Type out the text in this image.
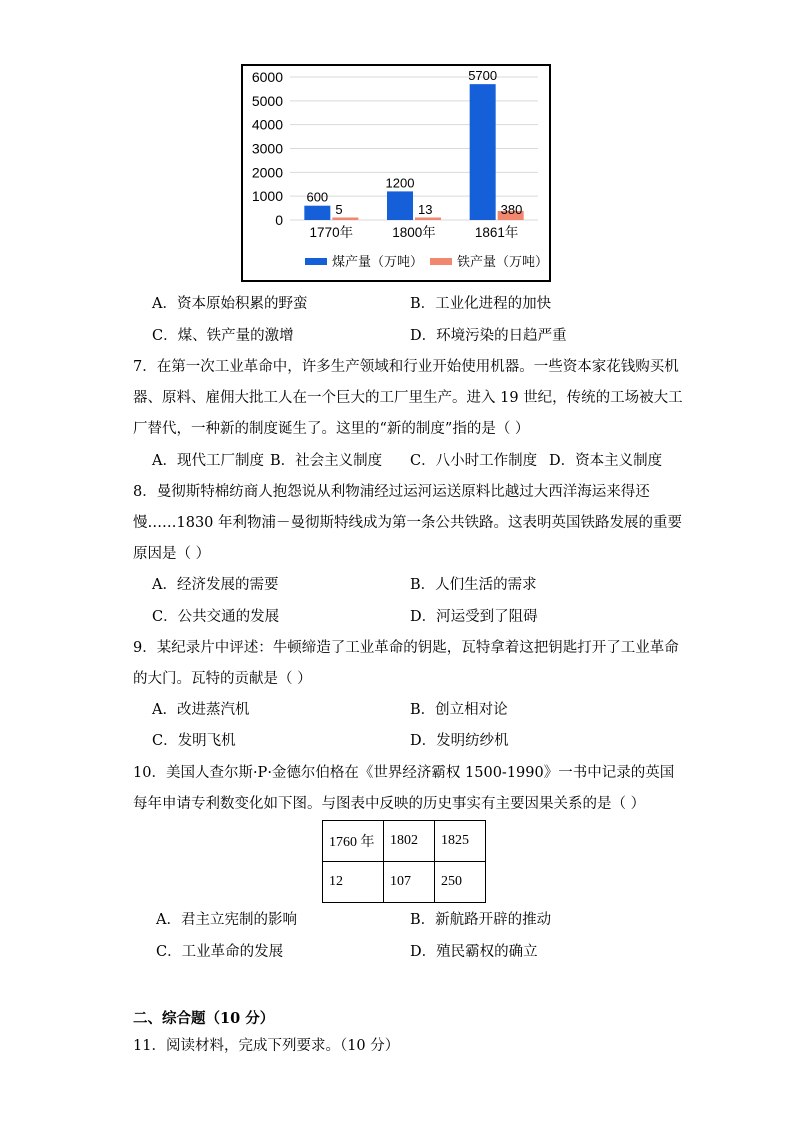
6000
5000
4000
3000
2000
1000
0
600
5
1770年
1200
13
1800年
5700
380
1861年
煤产量（万吨）	铁产量（万吨）
A．资本原始积累的野蛮	B．工业化进程的加快
C．煤、铁产量的激增	D．环境污染的日趋严重
7．在第一次工业革命中，许多生产领域和行业开始使用机器。一些资本家花钱购买机
器、原料、雇佣大批工人在一个巨大的工厂里生产。进入 19 世纪，传统的工场被大工
厂替代，一种新的制度诞生了。这里的“新的制度”指的是（ ）
A．现代工厂制度 B．社会主义制度 C．八小时工作制度 D．资本主义制度
8．曼彻斯特棉纺商人抱怨说从利物浦经过运河运送原料比越过大西洋海运来得还
慢……1830 年利物浦－曼彻斯特线成为第一条公共铁路。这表明英国铁路发展的重要
原因是（ ）
A．经济发展的需要	B．人们生活的需求
C．公共交通的发展	D．河运受到了阻碍
9．某纪录片中评述：牛顿缔造了工业革命的钥匙，瓦特拿着这把钥匙打开了工业革命
的大门。瓦特的贡献是（ ）
A．改进蒸汽机	B．创立相对论
C．发明飞机	D．发明纺纱机
10．美国人查尔斯·P·金德尔伯格在《世界经济霸权 1500-1990》一书中记录的英国
每年申请专利数变化如下图。与图表中反映的历史事实有主要因果关系的是（ ）
1760 年	1802	1825
12	107	250
A．君主立宪制的影响	B．新航路开辟的推动
C．工业革命的发展	D．殖民霸权的确立
二、综合题（10 分）
11．阅读材料，完成下列要求。（10 分）
